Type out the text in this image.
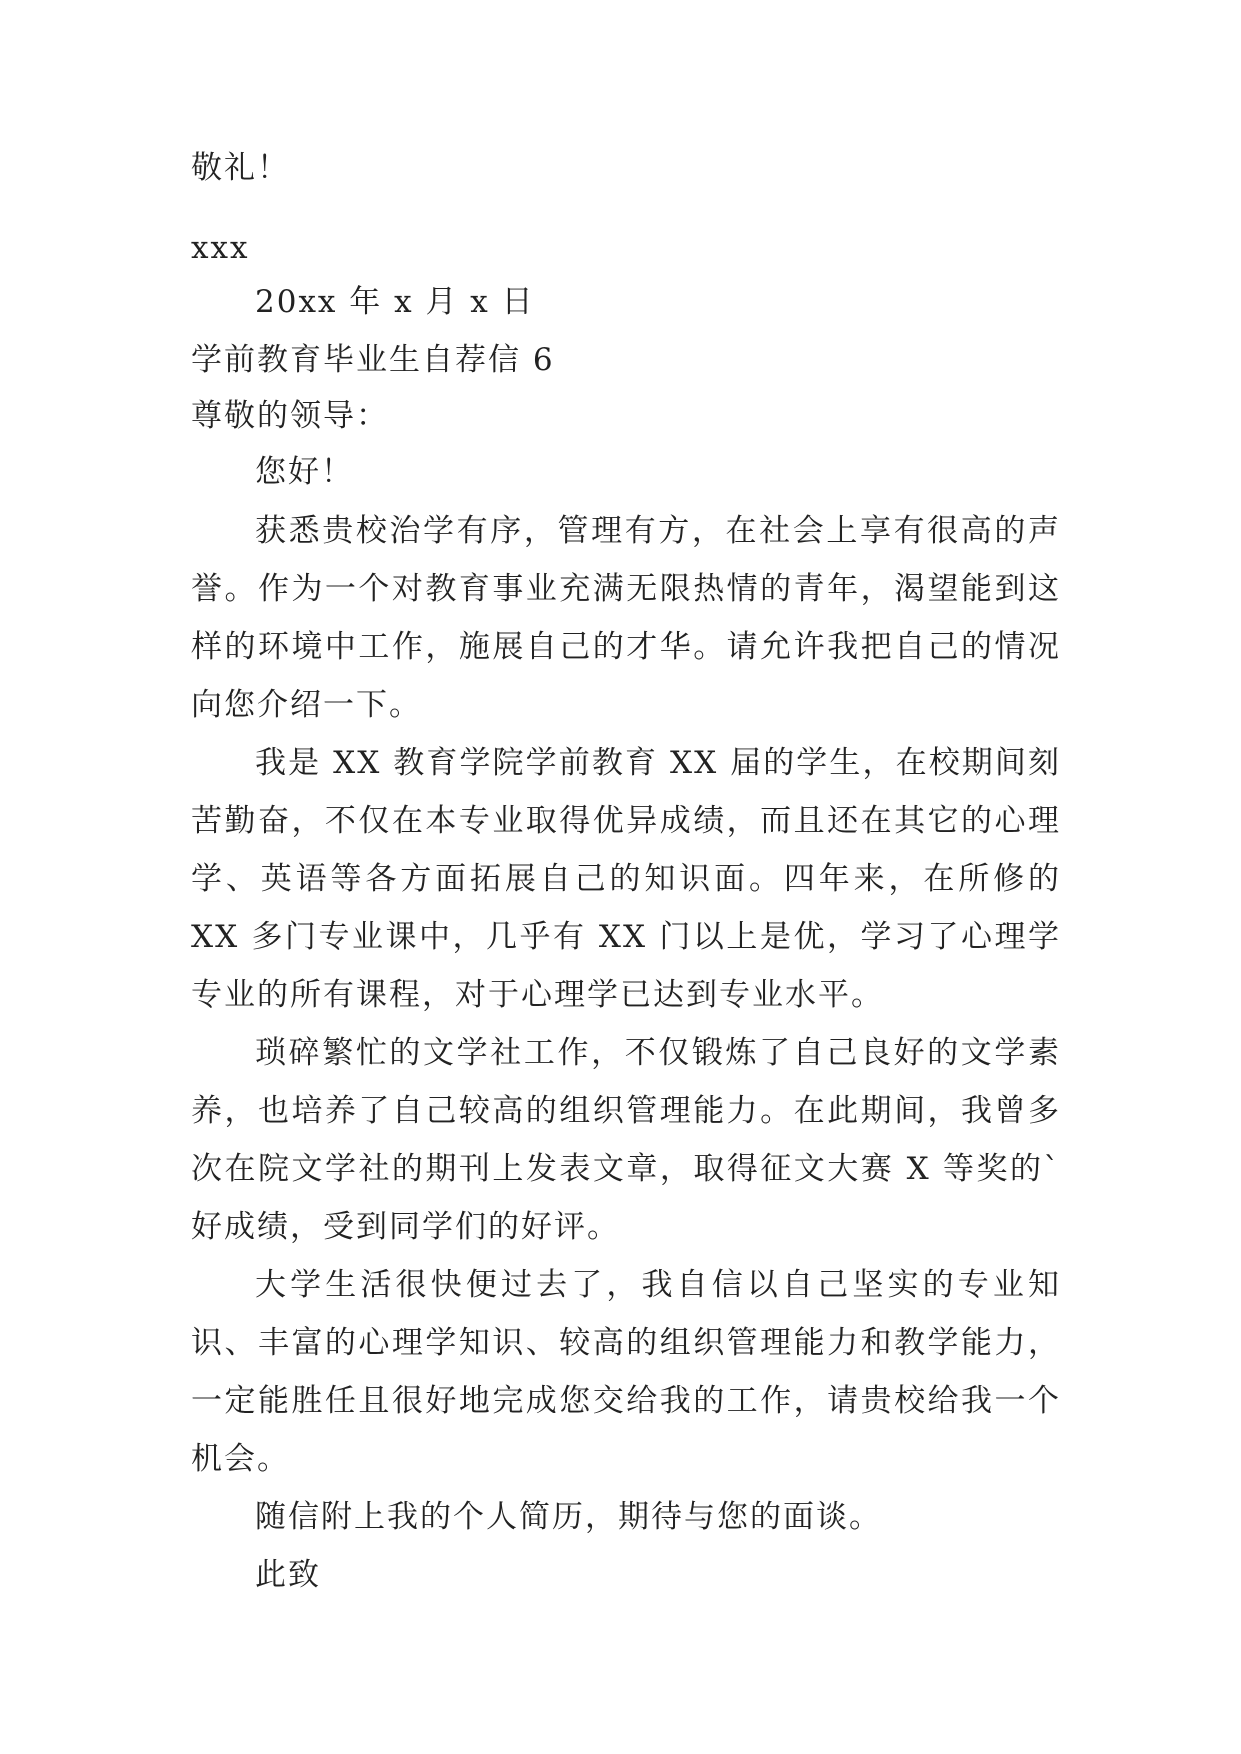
敬礼！
xxx
20xx 年 x 月 x 日
学前教育毕业生自荐信 6
尊敬的领导：
您好！

获悉贵校治学有序，管理有方，在社会上享有很高的声誉。作为一个对教育事业充满无限热情的青年，渴望能到这样的环境中工作，施展自己的才华。请允许我把自己的情况向您介绍一下。

我是 XX 教育学院学前教育 XX 届的学生，在校期间刻苦勤奋，不仅在本专业取得优异成绩，而且还在其它的心理学、英语等各方面拓展自己的知识面。四年来，在所修的 XX 多门专业课中，几乎有 XX 门以上是优，学习了心理学专业的所有课程，对于心理学已达到专业水平。

琐碎繁忙的文学社工作，不仅锻炼了自己良好的文学素养，也培养了自己较高的组织管理能力。在此期间，我曾多次在院文学社的期刊上发表文章，取得征文大赛 X 等奖的`好成绩，受到同学们的好评。

大学生活很快便过去了，我自信以自己坚实的专业知识、丰富的心理学知识、较高的组织管理能力和教学能力，一定能胜任且很好地完成您交给我的工作，请贵校给我一个机会。

随信附上我的个人简历，期待与您的面谈。

此致
